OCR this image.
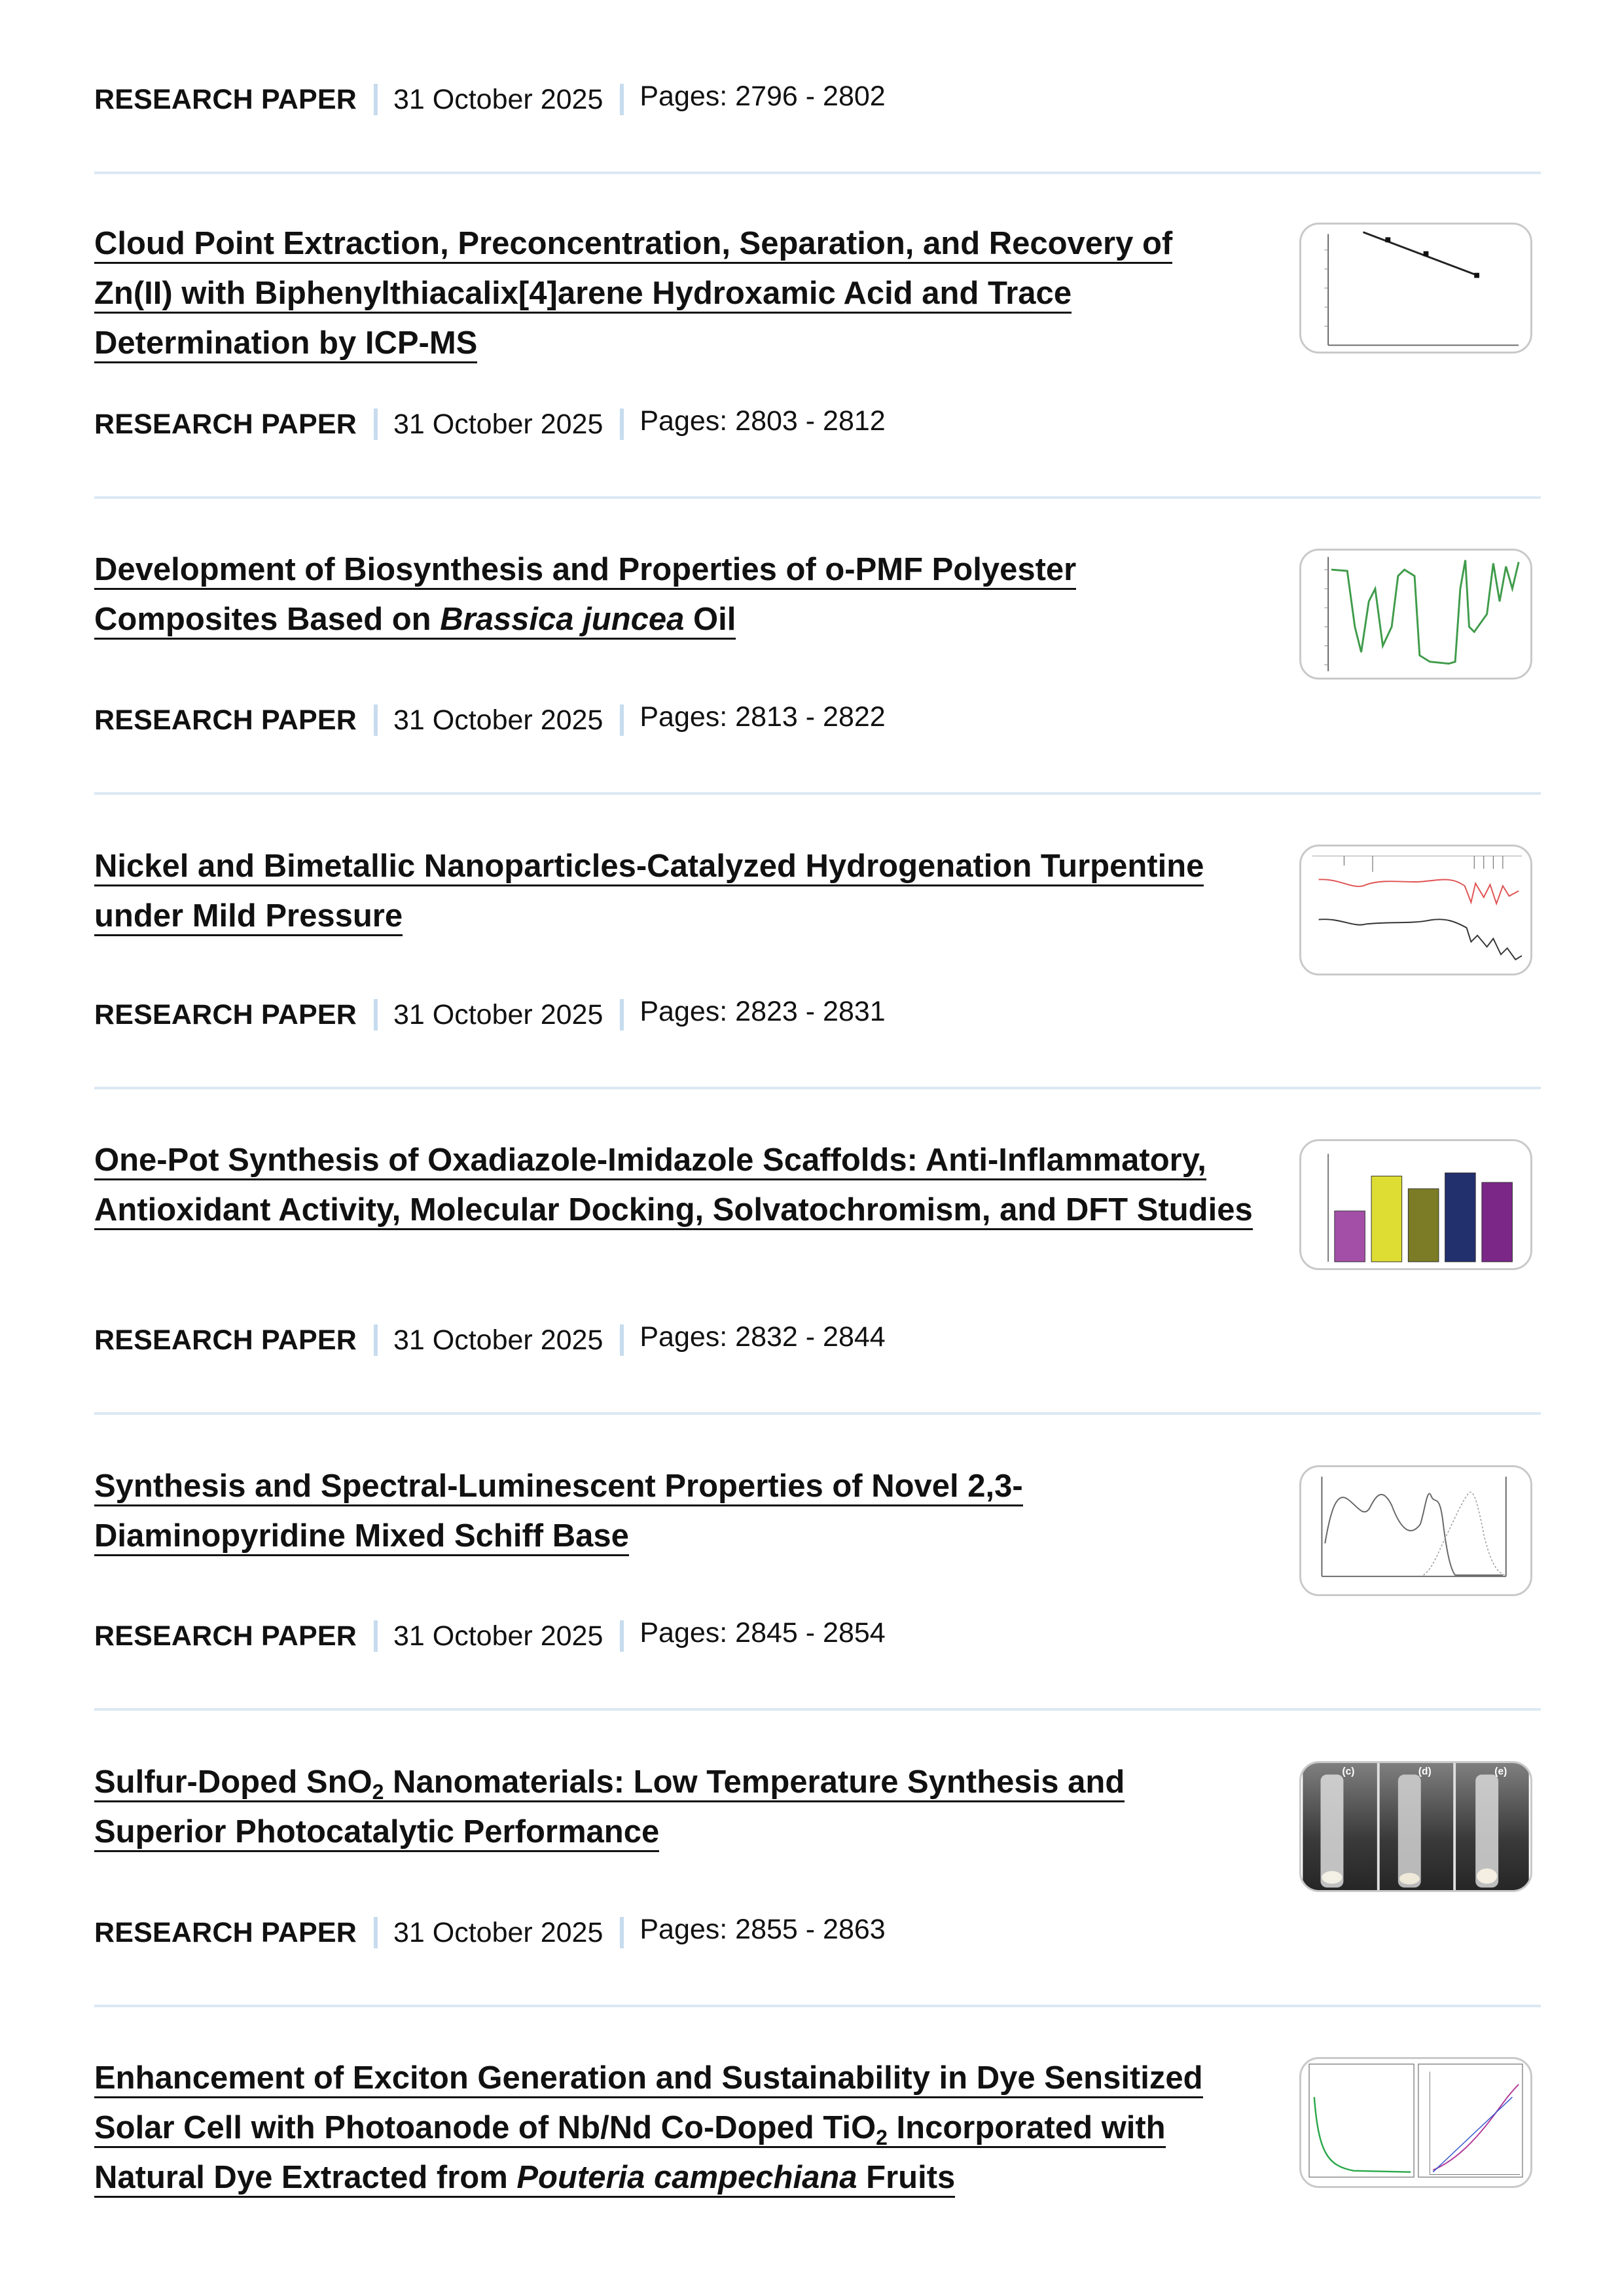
RESEARCH PAPER 31 October 2025 Pages: 2796 - 2802
Cloud Point Extraction, Preconcentration, Separation, and Recovery of Zn(II) with Biphenylthiacalix[4]arene Hydroxamic Acid and Trace Determination by ICP-MS
RESEARCH PAPER 31 October 2025 Pages: 2803 - 2812
Development of Biosynthesis and Properties of o-PMF Polyester Composites Based on Brassica juncea Oil
RESEARCH PAPER 31 October 2025 Pages: 2813 - 2822
Nickel and Bimetallic Nanoparticles-Catalyzed Hydrogenation Turpentine under Mild Pressure
RESEARCH PAPER 31 October 2025 Pages: 2823 - 2831
One-Pot Synthesis of Oxadiazole-Imidazole Scaffolds: Anti-Inflammatory, Antioxidant Activity, Molecular Docking, Solvatochromism, and DFT Studies
RESEARCH PAPER 31 October 2025 Pages: 2832 - 2844
Synthesis and Spectral-Luminescent Properties of Novel 2,3-Diaminopyridine Mixed Schiff Base
RESEARCH PAPER 31 October 2025 Pages: 2845 - 2854
Sulfur-Doped SnO$_2$ Nanomaterials: Low Temperature Synthesis and Superior Photocatalytic Performance
(c)	(d)	(e)
RESEARCH PAPER 31 October 2025 Pages: 2855 - 2863
Enhancement of Exciton Generation and Sustainability in Dye Sensitized Solar Cell with Photoanode of Nb/Nd Co-Doped TiO$_2$ Incorporated with Natural Dye Extracted from Pouteria campechiana Fruits
